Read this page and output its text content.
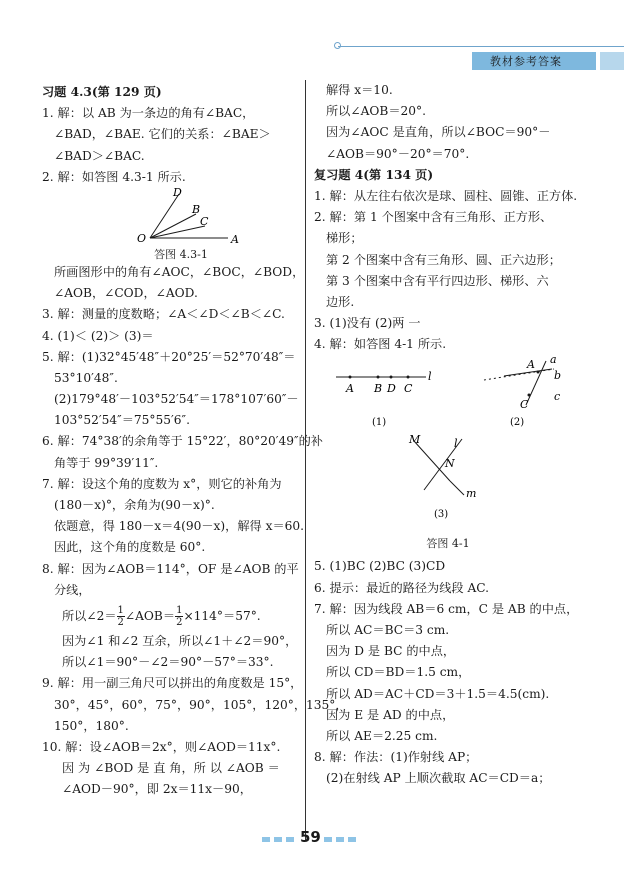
教材参考答案
习题 4.3(第 129 页)
1. 解：以 AB 为一条边的角有∠BAC，
∠BAD，∠BAE. 它们的关系：∠BAE＞
∠BAD＞∠BAC.
2. 解：如答图 4.3-1 所示.
D
B
C
O	A
答图 4.3-1
所画图形中的角有∠AOC，∠BOC，∠BOD，
∠AOB，∠COD，∠AOD.
3. 解：测量的度数略；∠A＜∠D＜∠B＜∠C.
4. (1)＜ (2)＞ (3)＝
5. 解：(1)32°45′48″＋20°25′＝52°70′48″＝
53°10′48″.
(2)179°48′－103°52′54″＝178°107′60″－
103°52′54″＝75°55′6″.
6. 解：74°38′的余角等于 15°22′，80°20′49″的补
角等于 99°39′11″.
7. 解：设这个角的度数为 x°，则它的补角为
(180－x)°，余角为(90－x)°.
依题意，得 180－x＝4(90－x)，解得 x＝60.
因此，这个角的度数是 60°.
8. 解：因为∠AOB＝114°，OF 是∠AOB 的平
分线，
所以∠2＝ $\frac{1}{2}$ ∠AOB＝ $\frac{1}{2} \times 114^\circ=57^\circ$.
因为∠1 和∠2 互余，所以∠1＋∠2＝90°，
所以∠1＝90°－∠2＝90°－57°＝33°.
9. 解：用一副三角尺可以拼出的角度数是 15°，
30°，45°，60°，75°，90°，105°，120°，135°，
150°，180°.
10. 解：设∠AOB＝2x°，则∠AOD＝11x°.
因 为 ∠BOD 是 直 角，所 以 ∠AOB ＝
∠AOD－90°，即 2x＝11x－90，
解得 x＝10.
所以∠AOB＝20°.
因为∠AOC 是直角，所以∠BOC＝90°－
∠AOB＝90°－20°＝70°.
复习题 4(第 134 页)
1. 解：从左往右依次是球、圆柱、圆锥、正方体.
2. 解：第 1 个图案中含有三角形、正方形、
梯形；
第 2 个图案中含有三角形、圆、正六边形；
第 3 个图案中含有平行四边形、梯形、六
边形.
3. (1)没有 (2)两 一
4. 解：如答图 4-1 所示.
A B D C
l
(1)
A
C
a
b
c
(2)
M
N
l
m
(3)
答图 4-1
5. (1)BC (2)BC (3)CD
6. 提示：最近的路径为线段 AC.
7. 解：因为线段 AB＝6 cm，C 是 AB 的中点，
所以 AC＝BC＝3 cm.
因为 D 是 BC 的中点，
所以 CD＝BD＝1.5 cm，
所以 AD＝AC＋CD＝3＋1.5＝4.5(cm).
因为 E 是 AD 的中点，
所以 AE＝2.25 cm.
8. 解：作法：(1)作射线 AP；
(2)在射线 AP 上顺次截取 AC＝CD＝a；
59
